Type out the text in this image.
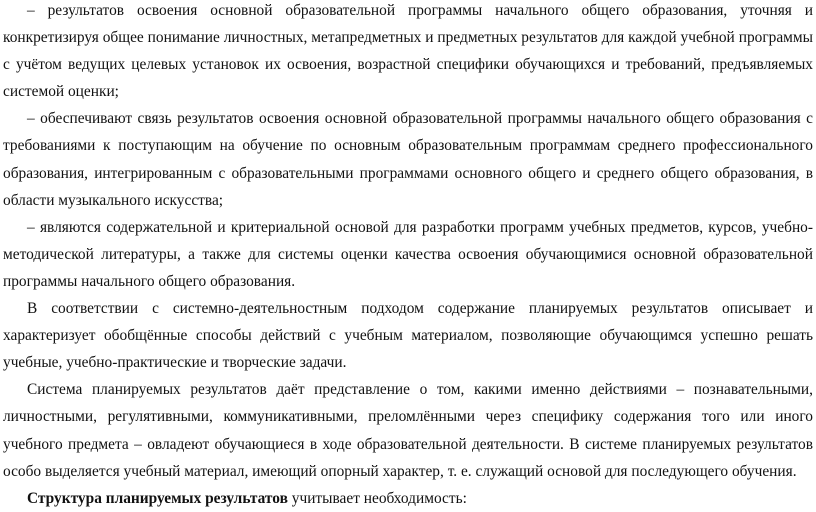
– результатов освоения основной образовательной программы начального общего образования, уточняя и конкретизируя общее понимание личностных, метапредметных и предметных результатов для каждой учебной программы с учётом ведущих целевых установок их освоения, возрастной специфики обучающихся и требований, предъявляемых системой оценки;

– обеспечивают связь результатов освоения основной образовательной программы начального общего образования с требованиями к поступающим на обучение по основным образовательным программам среднего профессионального образования, интегрированным с образовательными программами основного общего и среднего общего образования, в области музыкального искусства;

– являются содержательной и критериальной основой для разработки программ учебных предметов, курсов, учебно-методической литературы, а также для системы оценки качества освоения обучающимися основной образовательной программы начального общего образования.

В соответствии с системно-деятельностным подходом содержание планируемых результатов описывает и характеризует обобщённые способы действий с учебным материалом, позволяющие обучающимся успешно решать учебные, учебно-практические и творческие задачи.

Система планируемых результатов даёт представление о том, какими именно действиями – познавательными, личностными, регулятивными, коммуникативными, преломлёнными через специфику содержания того или иного учебного предмета – овладеют обучающиеся в ходе образовательной деятельности. В системе планируемых результатов особо выделяется учебный материал, имеющий опорный характер, т. е. служащий основой для последующего обучения.

Структура планируемых результатов учитывает необходимость:
